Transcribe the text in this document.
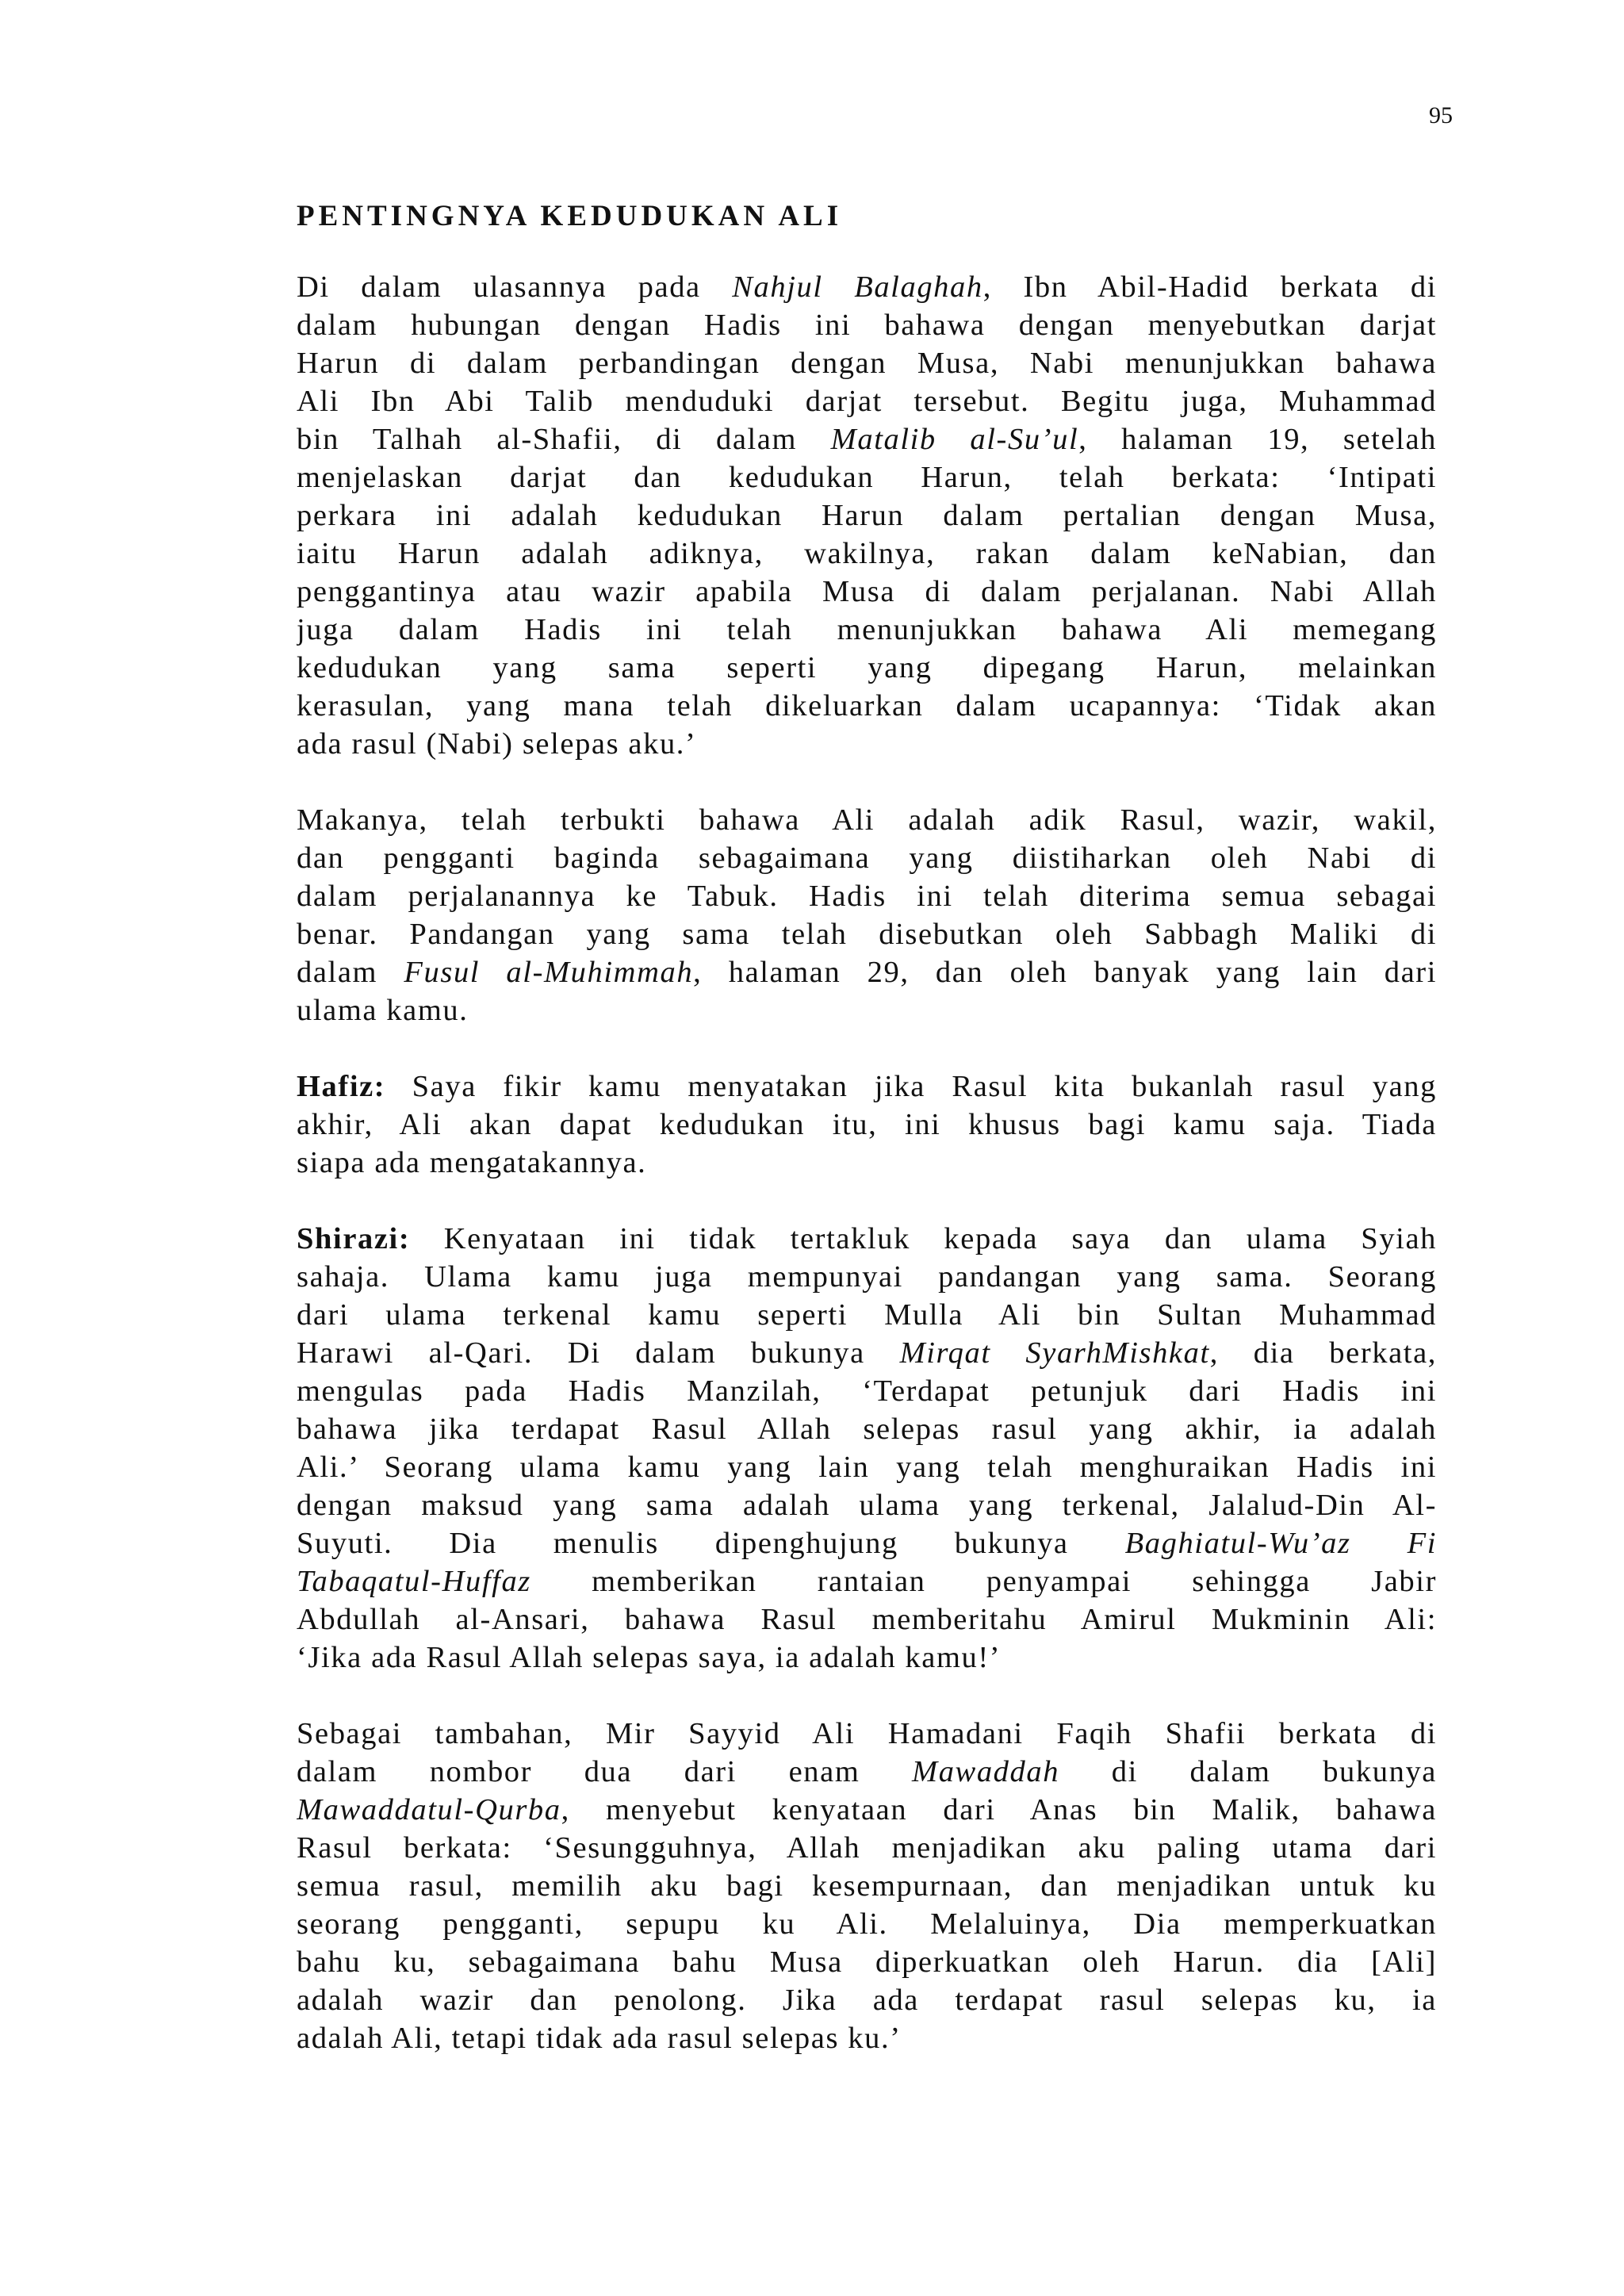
95
PENTINGNYA KEDUDUKAN ALI
Di dalam ulasannya pada Nahjul Balaghah, Ibn Abil-Hadid berkata di
dalam hubungan dengan Hadis ini bahawa dengan menyebutkan darjat
Harun di dalam perbandingan dengan Musa, Nabi menunjukkan bahawa
Ali Ibn Abi Talib menduduki darjat tersebut. Begitu juga, Muhammad
bin Talhah al-Shafii, di dalam Matalib al-Su’ul, halaman 19, setelah
menjelaskan darjat dan kedudukan Harun, telah berkata: ‘Intipati
perkara ini adalah kedudukan Harun dalam pertalian dengan Musa,
iaitu Harun adalah adiknya, wakilnya, rakan dalam keNabian, dan
penggantinya atau wazir apabila Musa di dalam perjalanan. Nabi Allah
juga dalam Hadis ini telah menunjukkan bahawa Ali memegang
kedudukan yang sama seperti yang dipegang Harun, melainkan
kerasulan, yang mana telah dikeluarkan dalam ucapannya: ‘Tidak akan
ada rasul (Nabi) selepas aku.’
Makanya, telah terbukti bahawa Ali adalah adik Rasul, wazir, wakil,
dan pengganti baginda sebagaimana yang diistiharkan oleh Nabi di
dalam perjalanannya ke Tabuk. Hadis ini telah diterima semua sebagai
benar. Pandangan yang sama telah disebutkan oleh Sabbagh Maliki di
dalam Fusul al-Muhimmah, halaman 29, dan oleh banyak yang lain dari
ulama kamu.
Hafiz: Saya fikir kamu menyatakan jika Rasul kita bukanlah rasul yang
akhir, Ali akan dapat kedudukan itu, ini khusus bagi kamu saja. Tiada
siapa ada mengatakannya.
Shirazi: Kenyataan ini tidak tertakluk kepada saya dan ulama Syiah
sahaja. Ulama kamu juga mempunyai pandangan yang sama. Seorang
dari ulama terkenal kamu seperti Mulla Ali bin Sultan Muhammad
Harawi al-Qari. Di dalam bukunya Mirqat SyarhMishkat, dia berkata,
mengulas pada Hadis Manzilah, ‘Terdapat petunjuk dari Hadis ini
bahawa jika terdapat Rasul Allah selepas rasul yang akhir, ia adalah
Ali.’ Seorang ulama kamu yang lain yang telah menghuraikan Hadis ini
dengan maksud yang sama adalah ulama yang terkenal, Jalalud-Din Al-
Suyuti. Dia menulis dipenghujung bukunya Baghiatul-Wu’az Fi
Tabaqatul-Huffaz memberikan rantaian penyampai sehingga Jabir
Abdullah al-Ansari, bahawa Rasul memberitahu Amirul Mukminin Ali:
‘Jika ada Rasul Allah selepas saya, ia adalah kamu!’
Sebagai tambahan, Mir Sayyid Ali Hamadani Faqih Shafii berkata di
dalam nombor dua dari enam Mawaddah di dalam bukunya
Mawaddatul-Qurba, menyebut kenyataan dari Anas bin Malik, bahawa
Rasul berkata: ‘Sesungguhnya, Allah menjadikan aku paling utama dari
semua rasul, memilih aku bagi kesempurnaan, dan menjadikan untuk ku
seorang pengganti, sepupu ku Ali. Melaluinya, Dia memperkuatkan
bahu ku, sebagaimana bahu Musa diperkuatkan oleh Harun. dia [Ali]
adalah wazir dan penolong. Jika ada terdapat rasul selepas ku, ia
adalah Ali, tetapi tidak ada rasul selepas ku.’
